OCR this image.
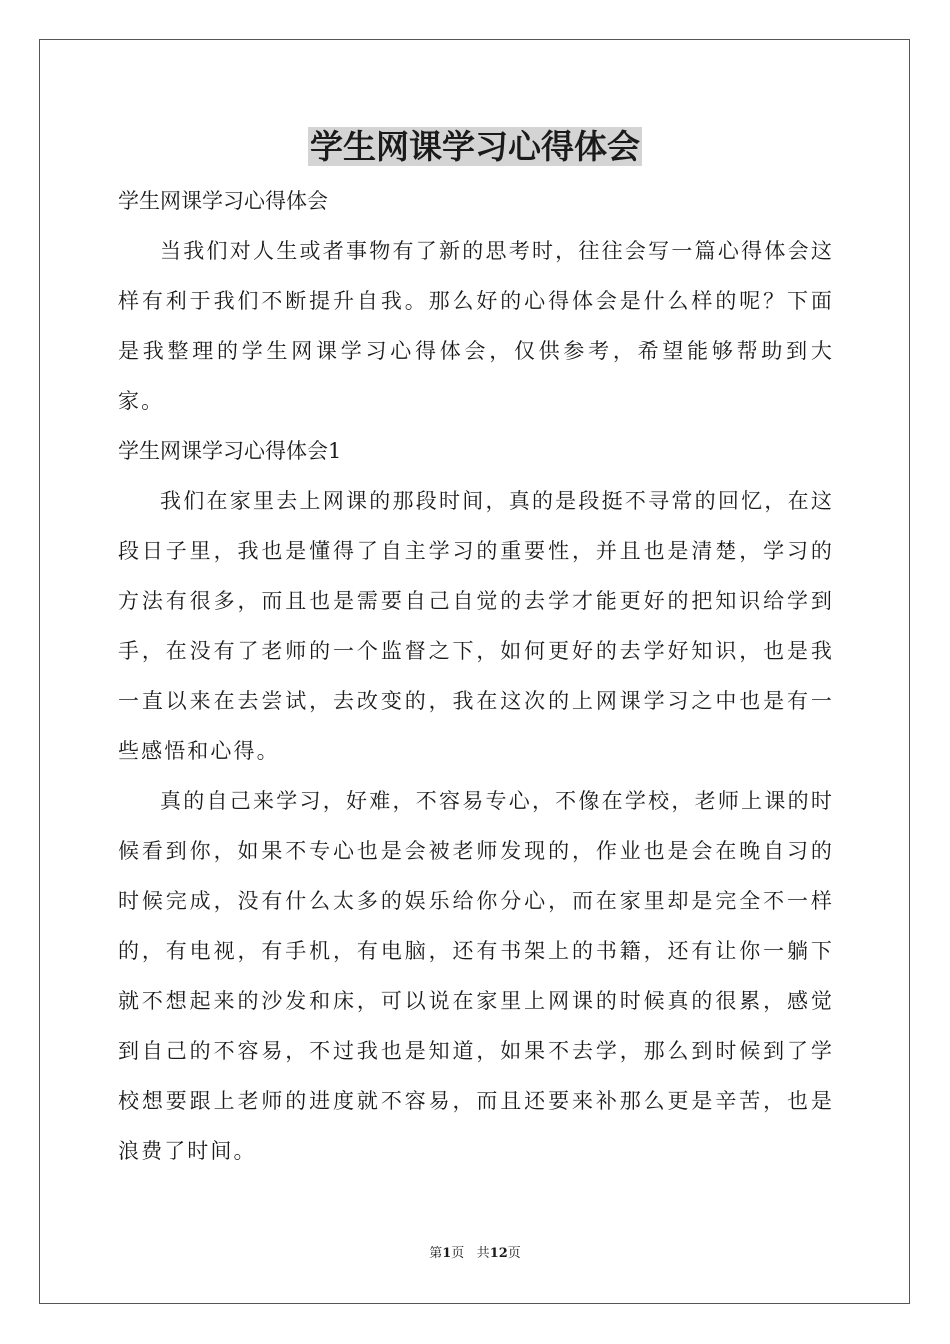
学生网课学习心得体会

学生网课学习心得体会

当我们对人生或者事物有了新的思考时，往往会写一篇心得体会这样有利于我们不断提升自我。那么好的心得体会是什么样的呢？下面是我整理的学生网课学习心得体会，仅供参考，希望能够帮助到大家。

学生网课学习心得体会1

我们在家里去上网课的那段时间，真的是段挺不寻常的回忆，在这段日子里，我也是懂得了自主学习的重要性，并且也是清楚，学习的方法有很多，而且也是需要自己自觉的去学才能更好的把知识给学到手，在没有了老师的一个监督之下，如何更好的去学好知识，也是我一直以来在去尝试，去改变的，我在这次的上网课学习之中也是有一些感悟和心得。

真的自己来学习，好难，不容易专心，不像在学校，老师上课的时候看到你，如果不专心也是会被老师发现的，作业也是会在晚自习的时候完成，没有什么太多的娱乐给你分心，而在家里却是完全不一样的，有电视，有手机，有电脑，还有书架上的书籍，还有让你一躺下就不想起来的沙发和床，可以说在家里上网课的时候真的很累，感觉到自己的不容易，不过我也是知道，如果不去学，那么到时候到了学校想要跟上老师的进度就不容易，而且还要来补那么更是辛苦，也是浪费了时间。

第1页 共12页
